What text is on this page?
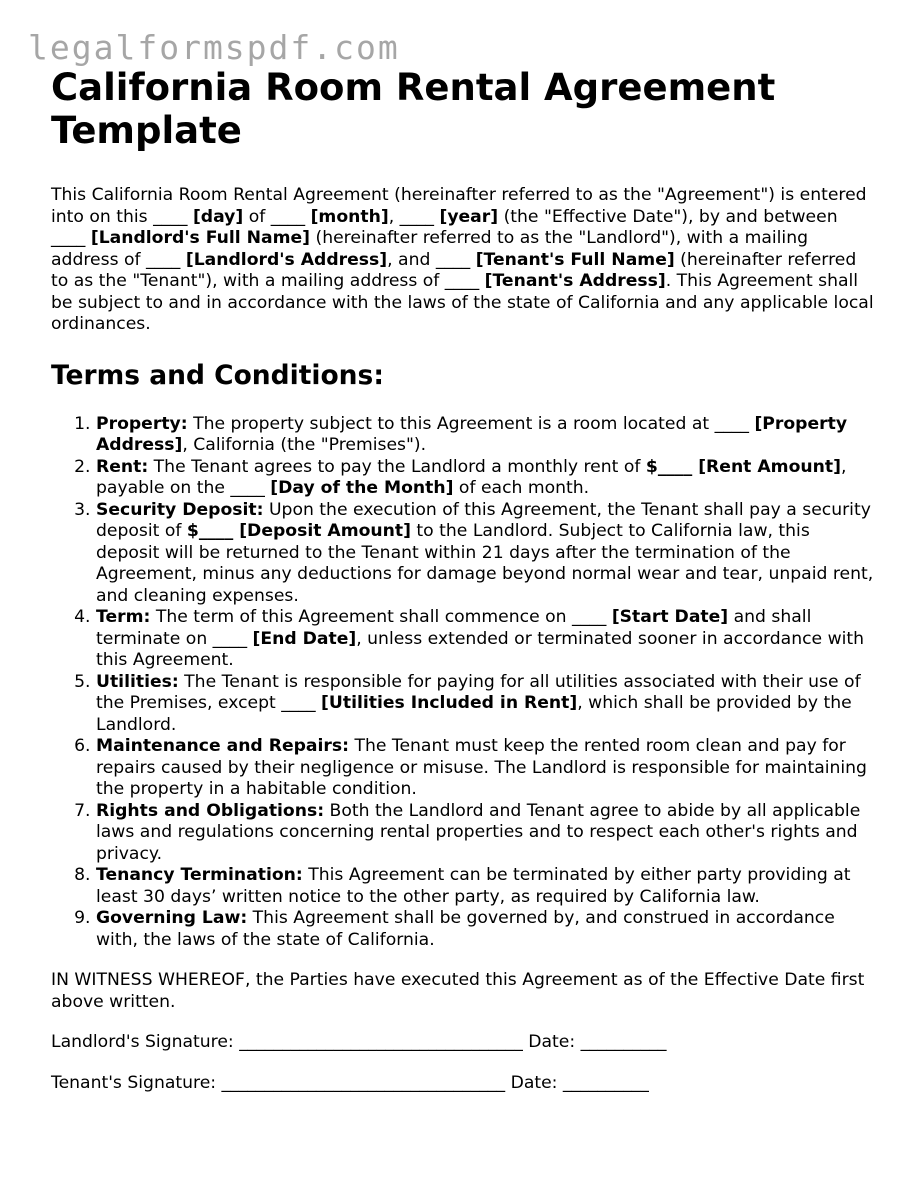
legalformspdf.com
California Room Rental Agreement Template

This California Room Rental Agreement (hereinafter referred to as the "Agreement") is entered into on this ____ [day] of ____ [month], ____ [year] (the "Effective Date"), by and between ____ [Landlord's Full Name] (hereinafter referred to as the "Landlord"), with a mailing address of ____ [Landlord's Address], and ____ [Tenant's Full Name] (hereinafter referred to as the "Tenant"), with a mailing address of ____ [Tenant's Address]. This Agreement shall be subject to and in accordance with the laws of the state of California and any applicable local ordinances.

Terms and Conditions:
1. Property: The property subject to this Agreement is a room located at ____ [Property Address], California (the "Premises").
2. Rent: The Tenant agrees to pay the Landlord a monthly rent of $____ [Rent Amount], payable on the ____ [Day of the Month] of each month.
3. Security Deposit: Upon the execution of this Agreement, the Tenant shall pay a security deposit of $____ [Deposit Amount] to the Landlord. Subject to California law, this deposit will be returned to the Tenant within 21 days after the termination of the Agreement, minus any deductions for damage beyond normal wear and tear, unpaid rent, and cleaning expenses.
4. Term: The term of this Agreement shall commence on ____ [Start Date] and shall terminate on ____ [End Date], unless extended or terminated sooner in accordance with this Agreement.
5. Utilities: The Tenant is responsible for paying for all utilities associated with their use of the Premises, except ____ [Utilities Included in Rent], which shall be provided by the Landlord.
6. Maintenance and Repairs: The Tenant must keep the rented room clean and pay for repairs caused by their negligence or misuse. The Landlord is responsible for maintaining the property in a habitable condition.
7. Rights and Obligations: Both the Landlord and Tenant agree to abide by all applicable laws and regulations concerning rental properties and to respect each other's rights and privacy.
8. Tenancy Termination: This Agreement can be terminated by either party providing at least 30 days’ written notice to the other party, as required by California law.
9. Governing Law: This Agreement shall be governed by, and construed in accordance with, the laws of the state of California.

IN WITNESS WHEREOF, the Parties have executed this Agreement as of the Effective Date first above written.

Landlord's Signature: _________________________________ Date: __________

Tenant's Signature: _________________________________ Date: __________
